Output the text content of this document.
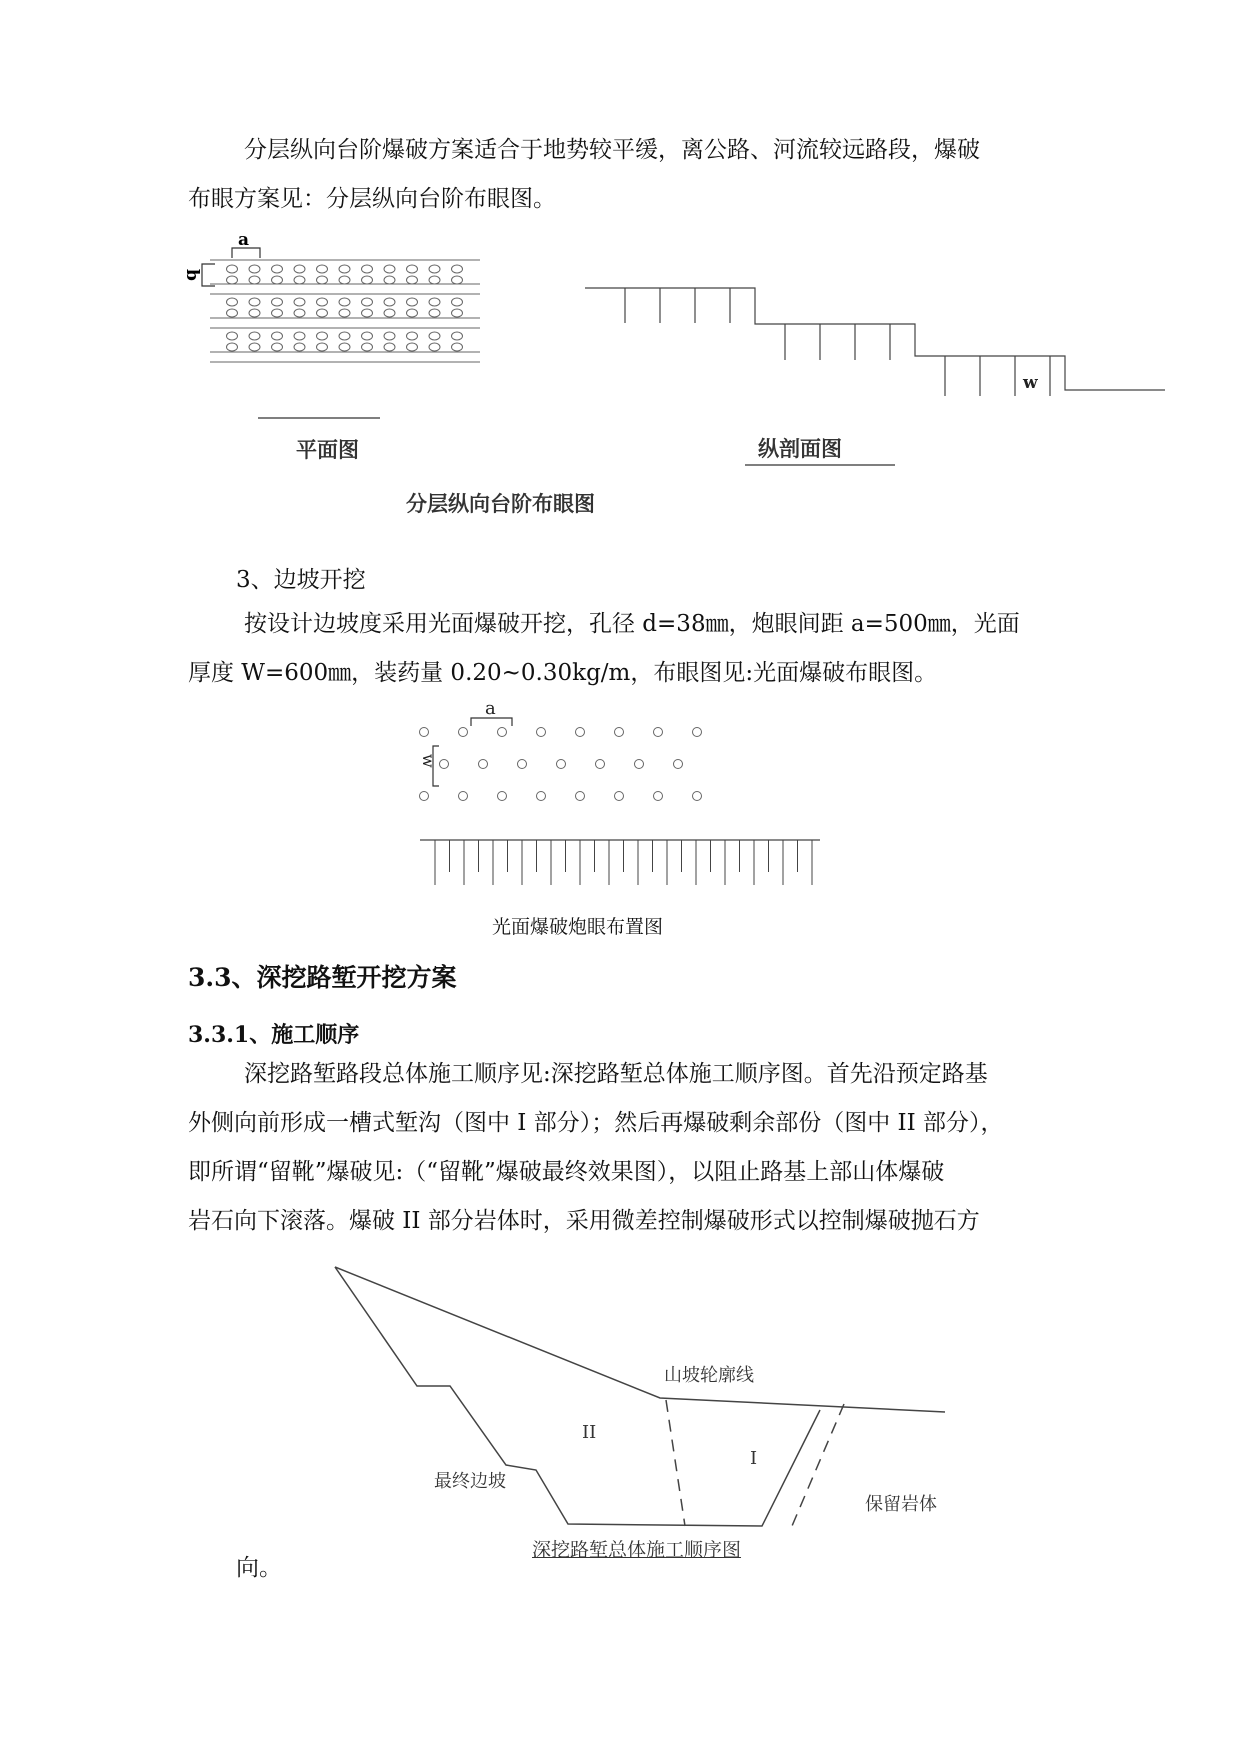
分层纵向台阶爆破方案适合于地势较平缓，离公路、河流较远路段，爆破
布眼方案见：分层纵向台阶布眼图。

a
b
平面图
w
纵剖面图
分层纵向台阶布眼图
3、边坡开挖

按设计边坡度采用光面爆破开挖，孔径 d=38㎜，炮眼间距 a=500㎜，光面
厚度 W=600㎜，装药量 0.20~0.30kg/m，布眼图见:光面爆破布眼图。

a
w
光面爆破炮眼布置图
3.3、深挖路堑开挖方案
3.3.1、施工顺序

深挖路堑路段总体施工顺序见:深挖路堑总体施工顺序图。首先沿预定路基
外侧向前形成一槽式堑沟（图中 I 部分）；然后再爆破剩余部份（图中 II 部分），
即所谓“留靴”爆破见:（“留靴”爆破最终效果图），以阻止路基上部山体爆破
岩石向下滚落。爆破 II 部分岩体时，采用微差控制爆破形式以控制爆破抛石方

山坡轮廓线
II
I
最终边坡
保留岩体
深挖路堑总体施工顺序图
向。
